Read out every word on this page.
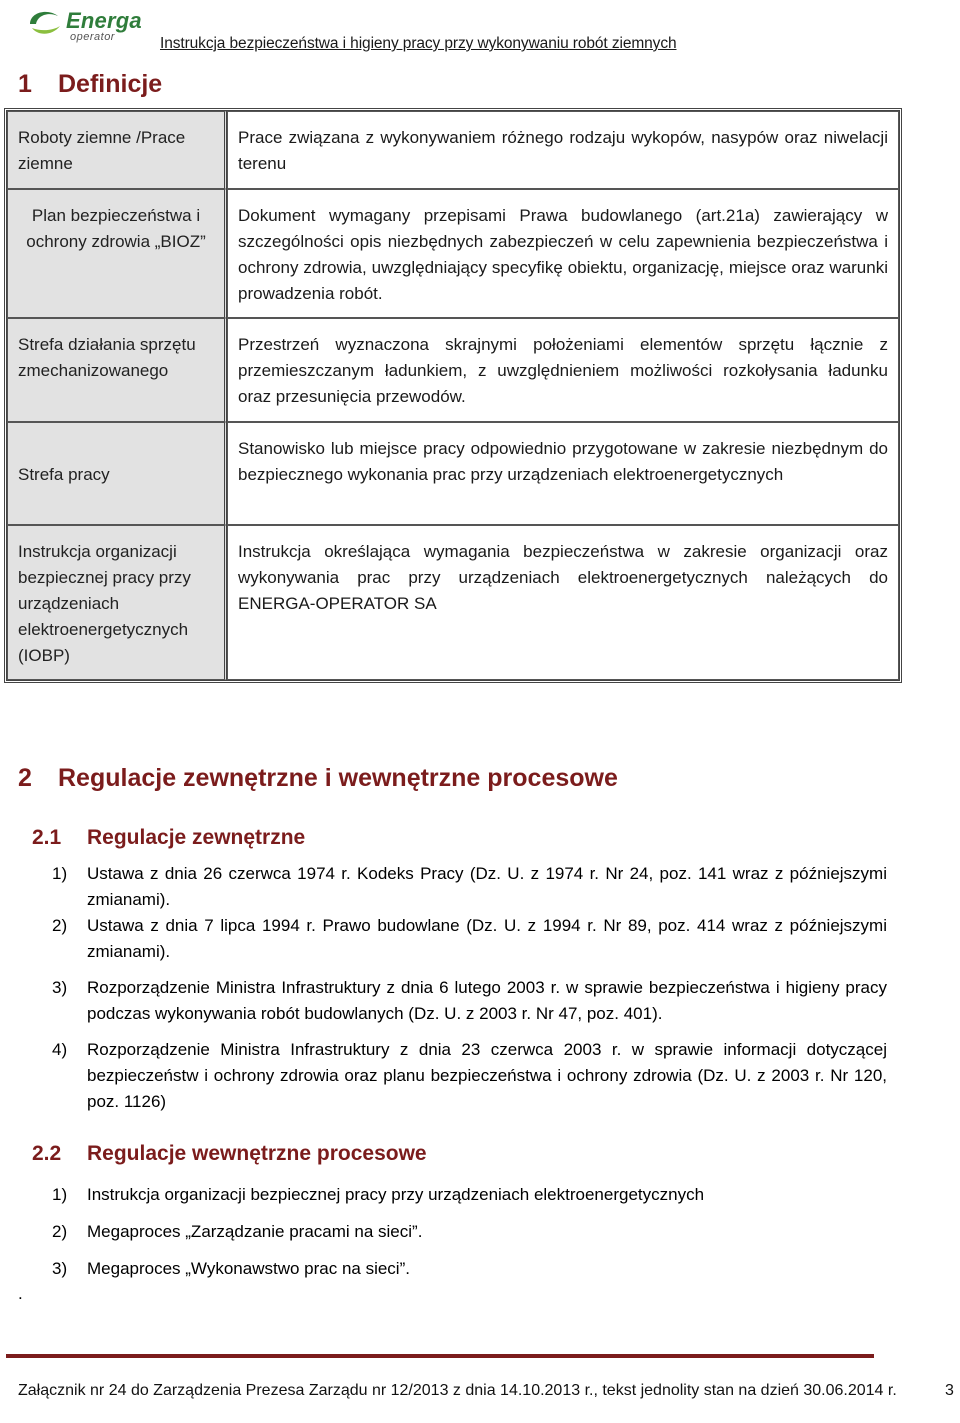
Energa
operator	Instrukcja bezpieczeństwa i higieny pracy przy wykonywaniu robót ziemnych
1 Definicje
Roboty ziemne /Prace ziemne	Prace związana z wykonywaniem różnego rodzaju wykopów, nasypów oraz niwelacji terenu
Plan bezpieczeństwa i ochrony zdrowia „BIOZ”	Dokument wymagany przepisami Prawa budowlanego (art.21a) zawierający w szczególności opis niezbędnych zabezpieczeń w celu zapewnienia bezpieczeństwa i ochrony zdrowia, uwzględniający specyfikę obiektu, organizację, miejsce oraz warunki prowadzenia robót.
Strefa działania sprzętu zmechanizowanego	Przestrzeń wyznaczona skrajnymi położeniami elementów sprzętu łącznie z przemieszczanym ładunkiem, z uwzględnieniem możliwości rozkołysania ładunku oraz przesunięcia przewodów.
Strefa pracy	Stanowisko lub miejsce pracy odpowiednio przygotowane w zakresie niezbędnym do bezpiecznego wykonania prac przy urządzeniach elektroenergetycznych
Instrukcja organizacji bezpiecznej pracy przy urządzeniach elektroenergetycznych (IOBP)	Instrukcja określająca wymagania bezpieczeństwa w zakresie organizacji oraz wykonywania prac przy urządzeniach elektroenergetycznych należących do ENERGA-OPERATOR SA
2 Regulacje zewnętrzne i wewnętrzne procesowe
2.1 Regulacje zewnętrzne
1) Ustawa z dnia 26 czerwca 1974 r. Kodeks Pracy (Dz. U. z 1974 r. Nr 24, poz. 141 wraz z późniejszymi zmianami).
2) Ustawa z dnia 7 lipca 1994 r. Prawo budowlane (Dz. U. z 1994 r. Nr 89, poz. 414 wraz z późniejszymi zmianami).
3) Rozporządzenie Ministra Infrastruktury z dnia 6 lutego 2003 r. w sprawie bezpieczeństwa i higieny pracy podczas wykonywania robót budowlanych (Dz. U. z 2003 r. Nr 47, poz. 401).
4) Rozporządzenie Ministra Infrastruktury z dnia 23 czerwca 2003 r. w sprawie informacji dotyczącej bezpieczeństw i ochrony zdrowia oraz planu bezpieczeństwa i ochrony zdrowia (Dz. U. z 2003 r. Nr 120, poz. 1126)
2.2 Regulacje wewnętrzne procesowe
1) Instrukcja organizacji bezpiecznej pracy przy urządzeniach elektroenergetycznych
2) Megaproces „Zarządzanie pracami na sieci”.
3) Megaproces „Wykonawstwo prac na sieci”.
.
Załącznik nr 24 do Zarządzenia Prezesa Zarządu nr 12/2013 z dnia 14.10.2013 r., tekst jednolity stan na dzień 30.06.2014 r.	3
